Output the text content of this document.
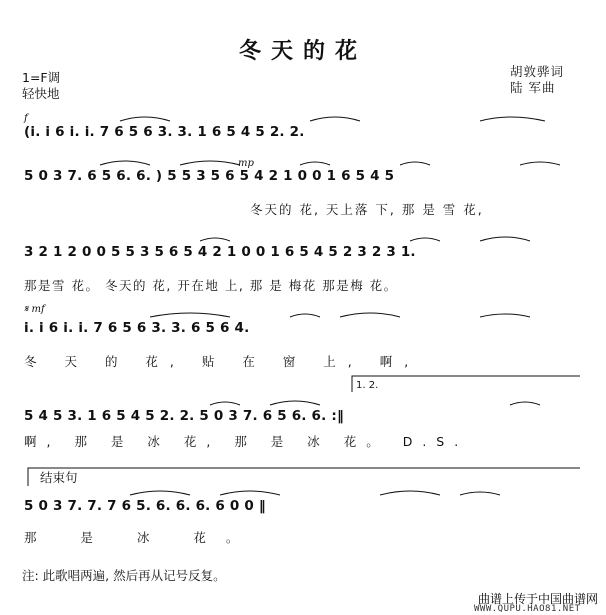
冬天的花
1=F调
轻快地
胡敦骅词
陆 军曲
f
mp
𝄋 mf
(i. i 6 i. i. 7 6 5 6 3. 3. 1 6 5 4 5 2. 2.
5 0 3 7. 6 5 6. 6. ) 5 5 3 5 6 5 4 2 1 0 0 1 6 5 4 5
冬天的 花, 天上落 下, 那 是 雪 花,
3 2 1 2 0 0 5 5 3 5 6 5 4 2 1 0 0 1 6 5 4 5 2 3 2 3 1.
那是雪 花。 冬天的 花, 开在地 上, 那 是 梅花 那是梅 花。
i. i 6 i. i. 7 6 5 6 3. 3. 6 5 6 4.
冬 天 的 花, 贴 在 窗 上, 啊,
1. 2.
5 4 5 3. 1 6 5 4 5 2. 2. 5 0 3 7. 6 5 6. 6. :‖
啊, 那 是 冰 花, 那 是 冰 花。 D.S.
结束句
5 0 3 7. 7. 7 6 5. 6. 6. 6. 6 0 0 ‖
那 是 冰 花。
注: 此歌唱两遍, 然后再从记号反复。
曲谱上传于中国曲谱网
WWW.QUPU.HAO81.NET
